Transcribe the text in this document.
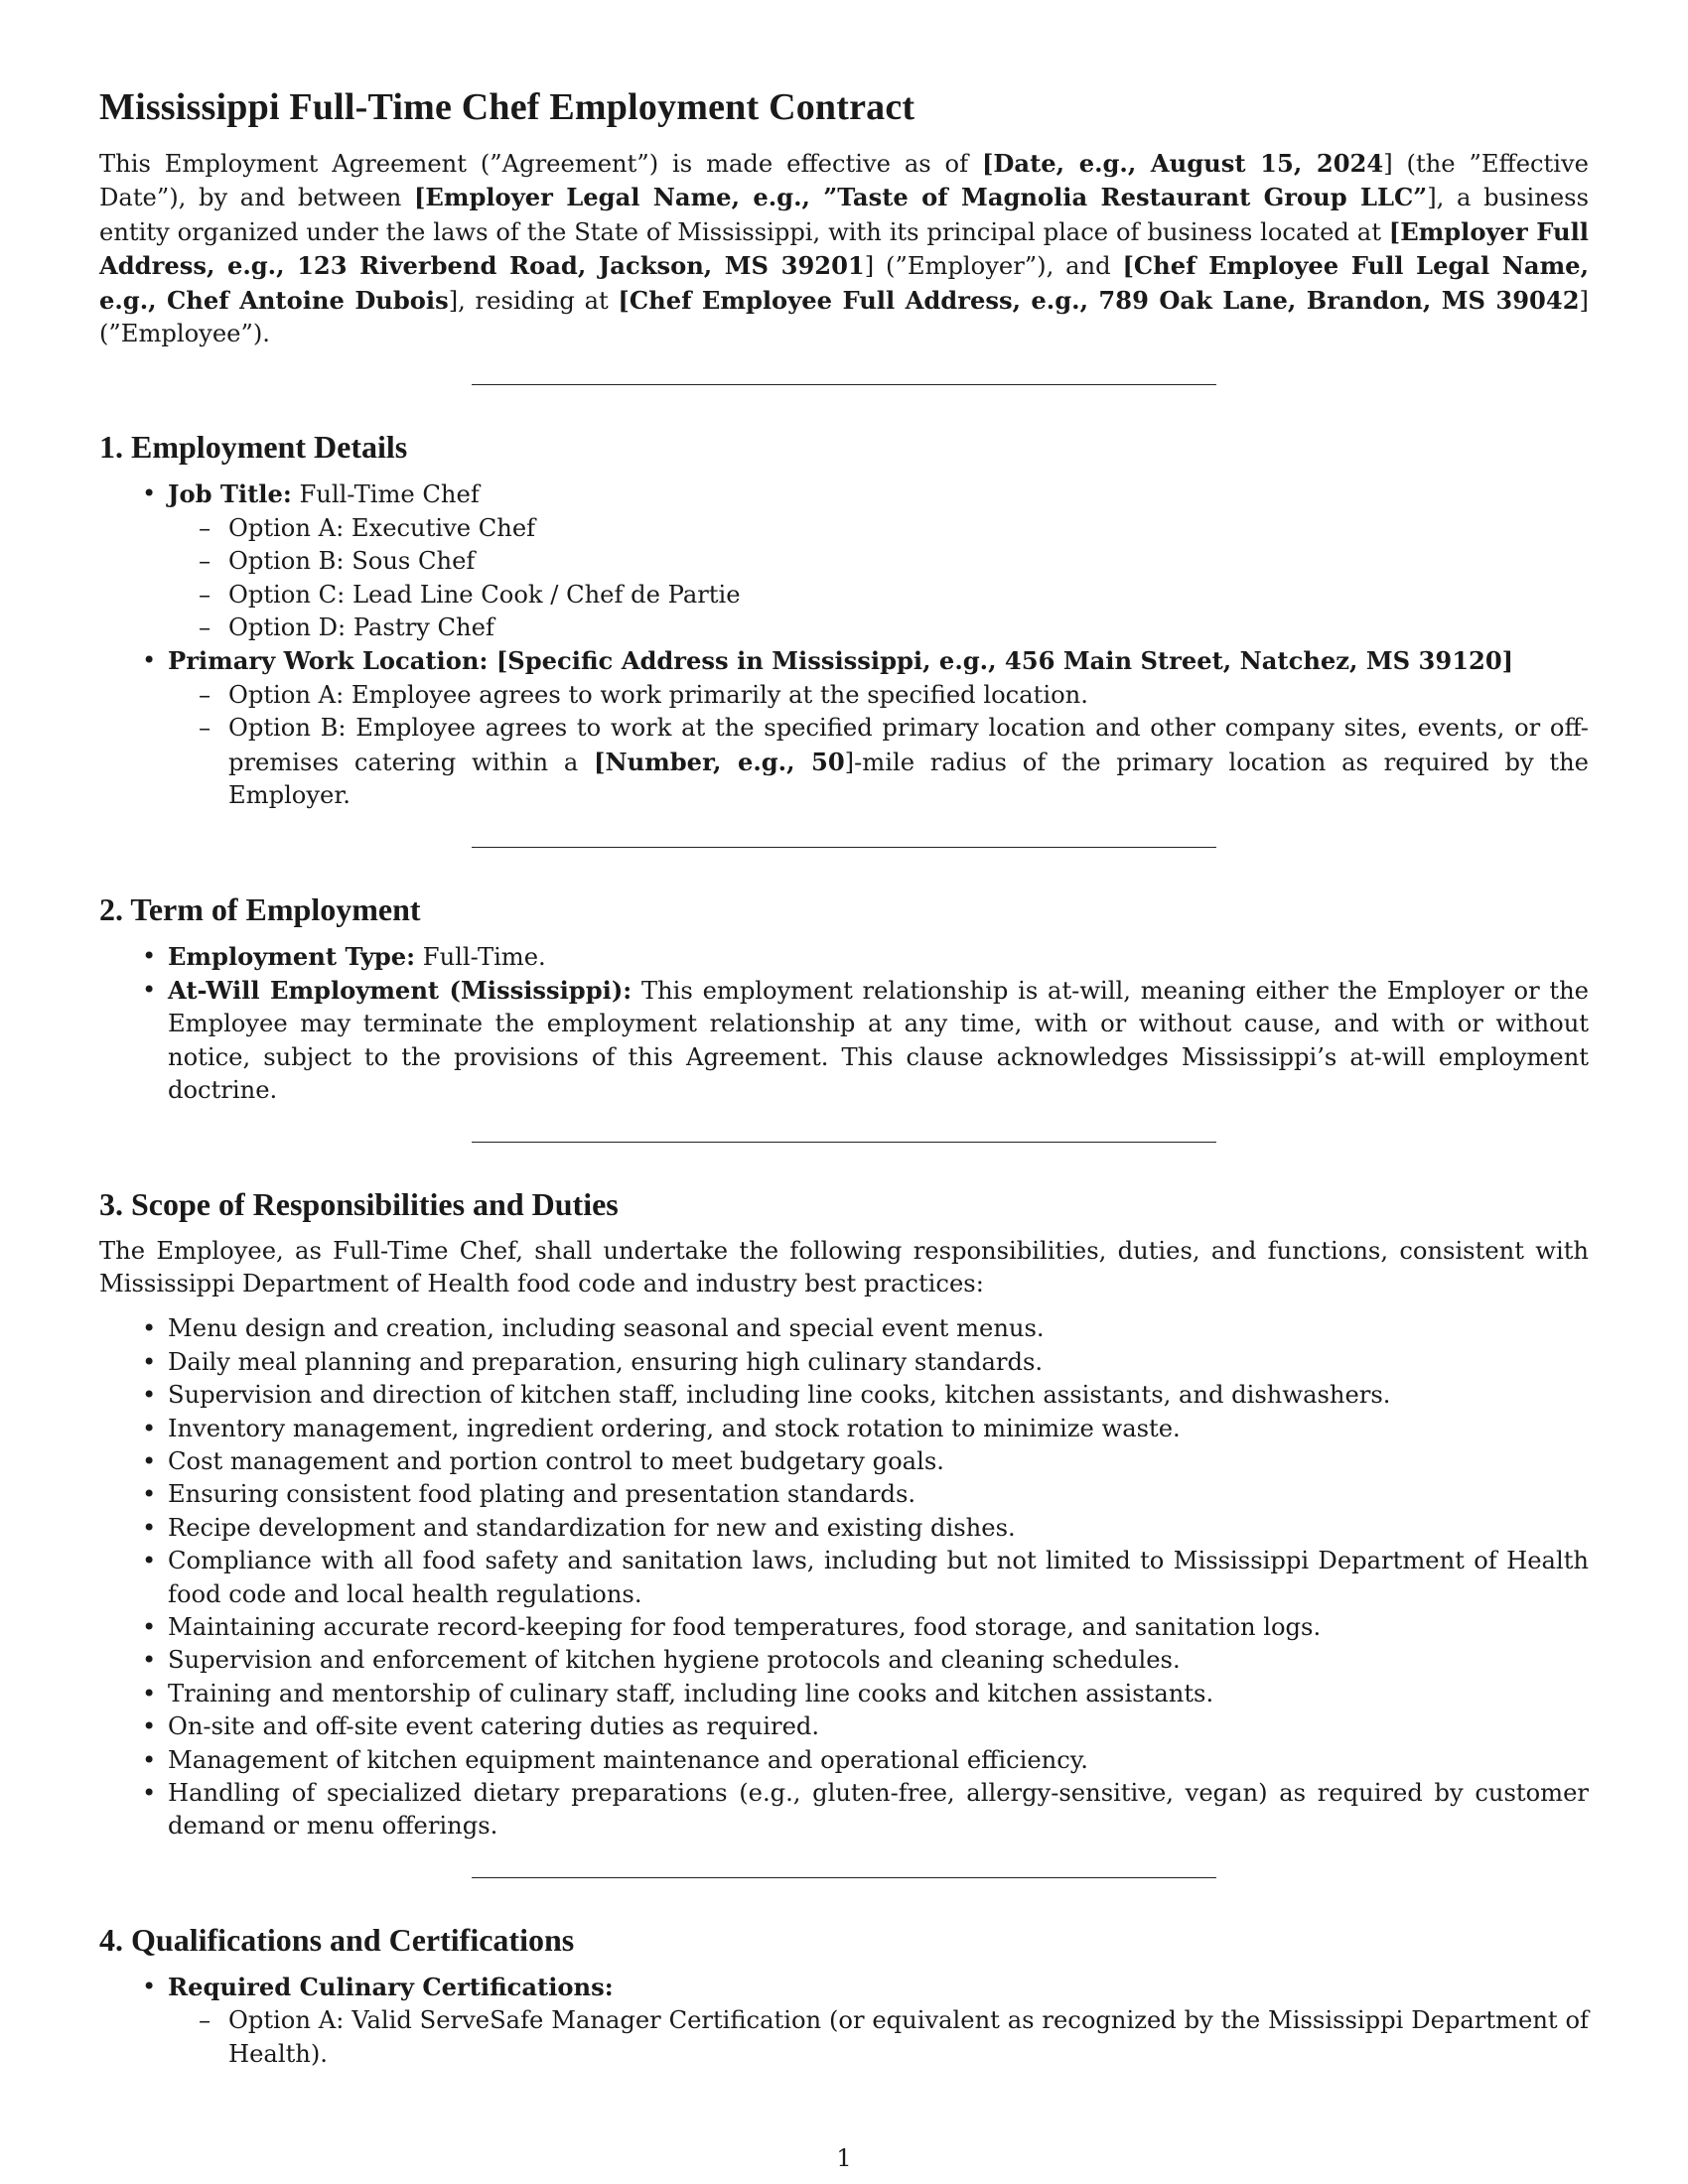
Mississippi Full-Time Chef Employment Contract

This Employment Agreement (”Agreement”) is made effective as of [Date, e.g., August 15, 2024] (the ”Effective Date”), by and between [Employer Legal Name, e.g., ”Taste of Magnolia Restaurant Group LLC”], a business entity organized under the laws of the State of Mississippi, with its principal place of business located at [Employer Full Address, e.g., 123 Riverbend Road, Jackson, MS 39201] (”Employer”), and [Chef Employee Full Legal Name, e.g., Chef Antoine Dubois], residing at [Chef Employee Full Address, e.g., 789 Oak Lane, Brandon, MS 39042] (”Employee”).

1. Employment Details
• Job Title: Full-Time Chef
– Option A: Executive Chef
– Option B: Sous Chef
– Option C: Lead Line Cook / Chef de Partie
– Option D: Pastry Chef
• Primary Work Location: [Specific Address in Mississippi, e.g., 456 Main Street, Natchez, MS 39120]
– Option A: Employee agrees to work primarily at the specified location.
– Option B: Employee agrees to work at the specified primary location and other company sites, events, or off-premises catering within a [Number, e.g., 50]-mile radius of the primary location as required by the Employer.
2. Term of Employment
• Employment Type: Full-Time.
• At-Will Employment (Mississippi): This employment relationship is at-will, meaning either the Employer or the Employee may terminate the employment relationship at any time, with or without cause, and with or without notice, subject to the provisions of this Agreement. This clause acknowledges Mississippi’s at-will employment doctrine.
3. Scope of Responsibilities and Duties

The Employee, as Full-Time Chef, shall undertake the following responsibilities, duties, and functions, consistent with Mississippi Department of Health food code and industry best practices:

• Menu design and creation, including seasonal and special event menus.
• Daily meal planning and preparation, ensuring high culinary standards.
• Supervision and direction of kitchen staff, including line cooks, kitchen assistants, and dishwashers.
• Inventory management, ingredient ordering, and stock rotation to minimize waste.
• Cost management and portion control to meet budgetary goals.
• Ensuring consistent food plating and presentation standards.
• Recipe development and standardization for new and existing dishes.
• Compliance with all food safety and sanitation laws, including but not limited to Mississippi Department of Health food code and local health regulations.
• Maintaining accurate record-keeping for food temperatures, food storage, and sanitation logs.
• Supervision and enforcement of kitchen hygiene protocols and cleaning schedules.
• Training and mentorship of culinary staff, including line cooks and kitchen assistants.
• On-site and off-site event catering duties as required.
• Management of kitchen equipment maintenance and operational efficiency.
• Handling of specialized dietary preparations (e.g., gluten-free, allergy-sensitive, vegan) as required by customer demand or menu offerings.
4. Qualifications and Certifications
• Required Culinary Certifications:
– Option A: Valid ServeSafe Manager Certification (or equivalent as recognized by the Mississippi Department of Health).
1
